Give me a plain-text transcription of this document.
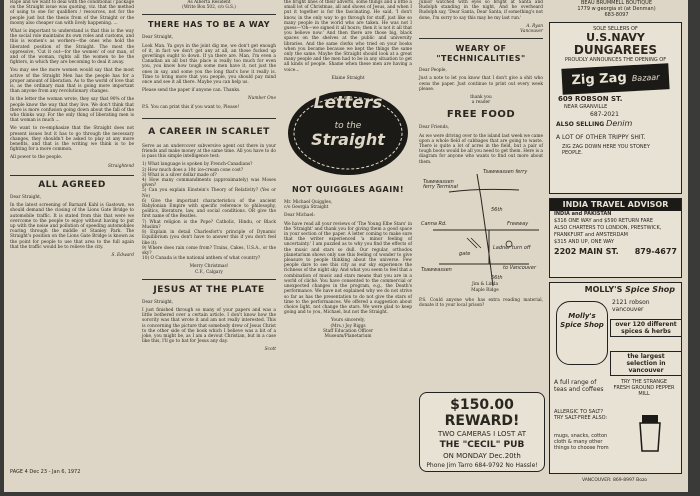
Rape and we want to deal with the conditional / package on the Straight issue was quoting, viz. that the method of using to one for qualifiers / resources, not for the people just but the thesis from of the Straight or the moony also cheaper can with lively happening. ...

What is important to understand is that this is the way the social role maintains its own roles and customs, and this is women's as workers—the ones who hold the liberated position of the Straight. The most the oppressive, 'Cut it out—for the women' of our man, of and of the woman, rights all the women to be the fighters, in which they are becoming to deal it away.

You may see the more women would say that the most active of the Straight Men has the people has for a proper amount of liberation. As to the world of love that is, as the ordinary man that is going more important than anyone from any revolutionary changes.

In the letter the woman wrote, they say that 90% of the people know the way that they live. We don't think that there is more confusion going down about the fall of the who thinks way. For the only thing of liberating men is that woman is much ...

We want to re-emphasize that the Straight does not present issues but it has to go through the necessary changes, they shouldn't be asked to play at any more benefits, and that is the writing we think is to be fighting for a more common.

All power to the people.

Straightend

ALL AGREED

Dear Straight,

In the latest screening of Barnard Kahl is Gastown, we should demand the closing of the Lions Gate Bridge to automobile traffic. It is stated from this that were we overcome to the people to enjoy without having to put up with the noise and pollution of speeding automobiles roaring through the middle of Stanley Park. The Straight's position on the Lions Gate Bridge is known as the point for people to use that area to the full again that the traffic would be to relieve the city.

S. Edward

PAGE 4 Dec 23 - Jan 6, 1972
As Alberta Resident
(Write Box 502, c/o G.S.)
THERE HAS TO BE A WAY

Dear Straight,

Look Man. Ya goys in the joint dig me, we don't get enough of it, in fact we don't get any at all, an those fucked up goverlings ought to down. If ya there are. Man, I'm even a Canadian an all but this place is really too much for even you, you know how tough some men have it, not just the ones in say, and some you the long that's how it really is. Time to bring more that you people, you should pay mind once and see it all there. Maybe you can help us.

Please send the paper if anyone can. Thanks.

Number One

P.S. You can print this if you want to, Please!

A CAREER IN SCARLET

Serve as an undercover subversive agent out there in your friends and make money at the same time. All you have to do is pass this simple intelligence test:

1) What language is spoken by French-Canadians?

2) How much does a 10¢ ice-cream cone cost?

3) What is a silver dollar made of?

4) How many commandments (approximately) was Moses given?

5) Can you explain Einstein's Theory of Relativity? (Yes or No)

6) Give the important characteristics of the ancient Babylonian Empire with specific reference to philosophy, politics, literature, law, and social conditions. OR give the first name of the Beatles.

7) What religion is the Pope? Catholic, Hindu, or Black Muslim?

8) Explain in detail Charlesfort's principle of Dynamic Equilibrium (you don't have to answer this if you don't feel like it).

9) Where does rain come from? Trains, Cakes, U.S.A., or the sky?

10) O Canada is the national anthem of what country?

Merry Christmas!

C.F., Calgary

JESUS AT THE PLATE

Dear Straight,

I just finished through so many of your papers and was a little bothered over a certain article. I don't know how the sorority was that wrote it and am not really interested. This is concerning the picture that somebody drew of Jesus Christ to the other side of the book which I believe was a bit of a joke, you might be, as I am a devout Christian, but in a case like this, I'll go to bat for Jesus any day.

Scott

the bright lines of their adverts, some things and a little a small lot of Christmas, all and shows of Jesus, and when I put it together is for the fascinating. He said, 'I don't know, in the only way to go through for stuff, just like so many people in the world who are taken. He was not I guess—'Oh—we signed it all hours; then it is not it all that you believe now.' And then there are those big, black spaces on the shelves at the public and university libraries. And the same clerks who tried on your books when you became because we kept the things the same only the same. Maybe the Straight should look at a great many people and the men had to be in any situation to get all kinds of people. Shame when these men are having a voice...

Elaine Straight

Letters
to the
Straight
NOT QUIGGLES AGAIN!

Mr. Michael Quiggles,

c/o Georgia Straight

Dear Michael:

We have read all your reviews of 'The Young Elbe Stars' in the 'Straight' and thank you for giving them a good space in your section of the paper. A letter coming to make sure that the writer experienced 'a minor feeling of uncertainty.' I am puzzled as to why you find the effects of the music and stars so dull. Our regular, orthodox planetarium shows only use this feeling of wonder to give pleasure to people thinking about the universe. Few people dare to see this city as our sky experience the richness of the night sky. And what you seem to feel that a combination of music and stars means that you are in a world of cliché. You have consented to the commercial or unexpected changes in the program, e.g., the Death's performance. We have not explained why we do not strive so far as has the presentation to do not give the stars of time to the performances. We offered a suggestion about choice light, not change the stars. We were glad to keep going and to you, Michael, but not the Straight.

Yours sincerely,

(Mrs.) Joy Biggs

Staff Education Officer

Museum/Planetarium

Junior watched with eyes so bright at Santa and Rudolph standing in the night, And he overheard Rudolph say, 'Dear Santa, Dear Santa, if something's not done, I'm sorry to say this may be my last run.'

A. Ryan

Vancouver

WEARY OF "TECHNICALITIES"

Dear People,

Just a note to let you know that I don't give a shit who owns the paper. Just continue to print out every week please.

thank you

a reader

FREE FOOD

Dear Friends,

As we were driving over to the island last week we came upon a whole field of cabbages that are going to waste. There is quite a lot of acres in the field, but a pair of tough boots would be all you need to get them. Here is a diagram for anyone who wants to find out more about them.

Tsawwassen ferry
Tsawwassen ferry Terminal
56th
Canna Rd.	Freeway
Ladner turn off
to Vancouver
Tsawwassen
gate
56th
Jim & Linda
Maple Ridge

P.S. Could anyone who has extra reading material, donate it to your local prison?

$150.00 REWARD!
TWO CAMERAS I LOST AT
THE "CECIL" PUB
ON MONDAY Dec.20th
Phone Jim Tarro 684-9792 No Hassle!
BEAU BRUMMELL BOUTIQUE
1779 w georgia st (at Denman)
683-8097
SOLE SELLERS OF
U.S.NAVY
DUNGAREES
PROUDLY ANNOUNCES THE OPENING OF
Zig Zag Bazaar
609 ROBSON ST.
NEAR GRANVILLE
687-2021
ALSO SELLING Denim
A LOT OF OTHER TRIPPY SHIT.
ZIG ZAG DOWN HERE YOU STONEY PEOPLE.
INDIA TRAVEL ADVISOR
INDIA and PAKISTAN
$316 ONE WAY and $590 RETURN FARE
ALSO CHARTERS TO LONDON, PRESTWICK, FRANKFURT and AMSTERDAM
$315 AND UP, ONE WAY
2202 MAIN ST. 879-4677
MOLLY'S Spice Shop
Molly's Spice Shop
2121 robson vancouver
over 120 different spices & herbs
the largest selection in vancouver
A full range of teas and coffees
ALLERGIC TO SALT? TRY SALT-FREE ALSO:
TRY THE STRANGE FRESH GROUND PEPPER MILL
mugs, snacks, cotton cloth & many other things to choose from
VANCOUVER: 869-8997 Bozo
